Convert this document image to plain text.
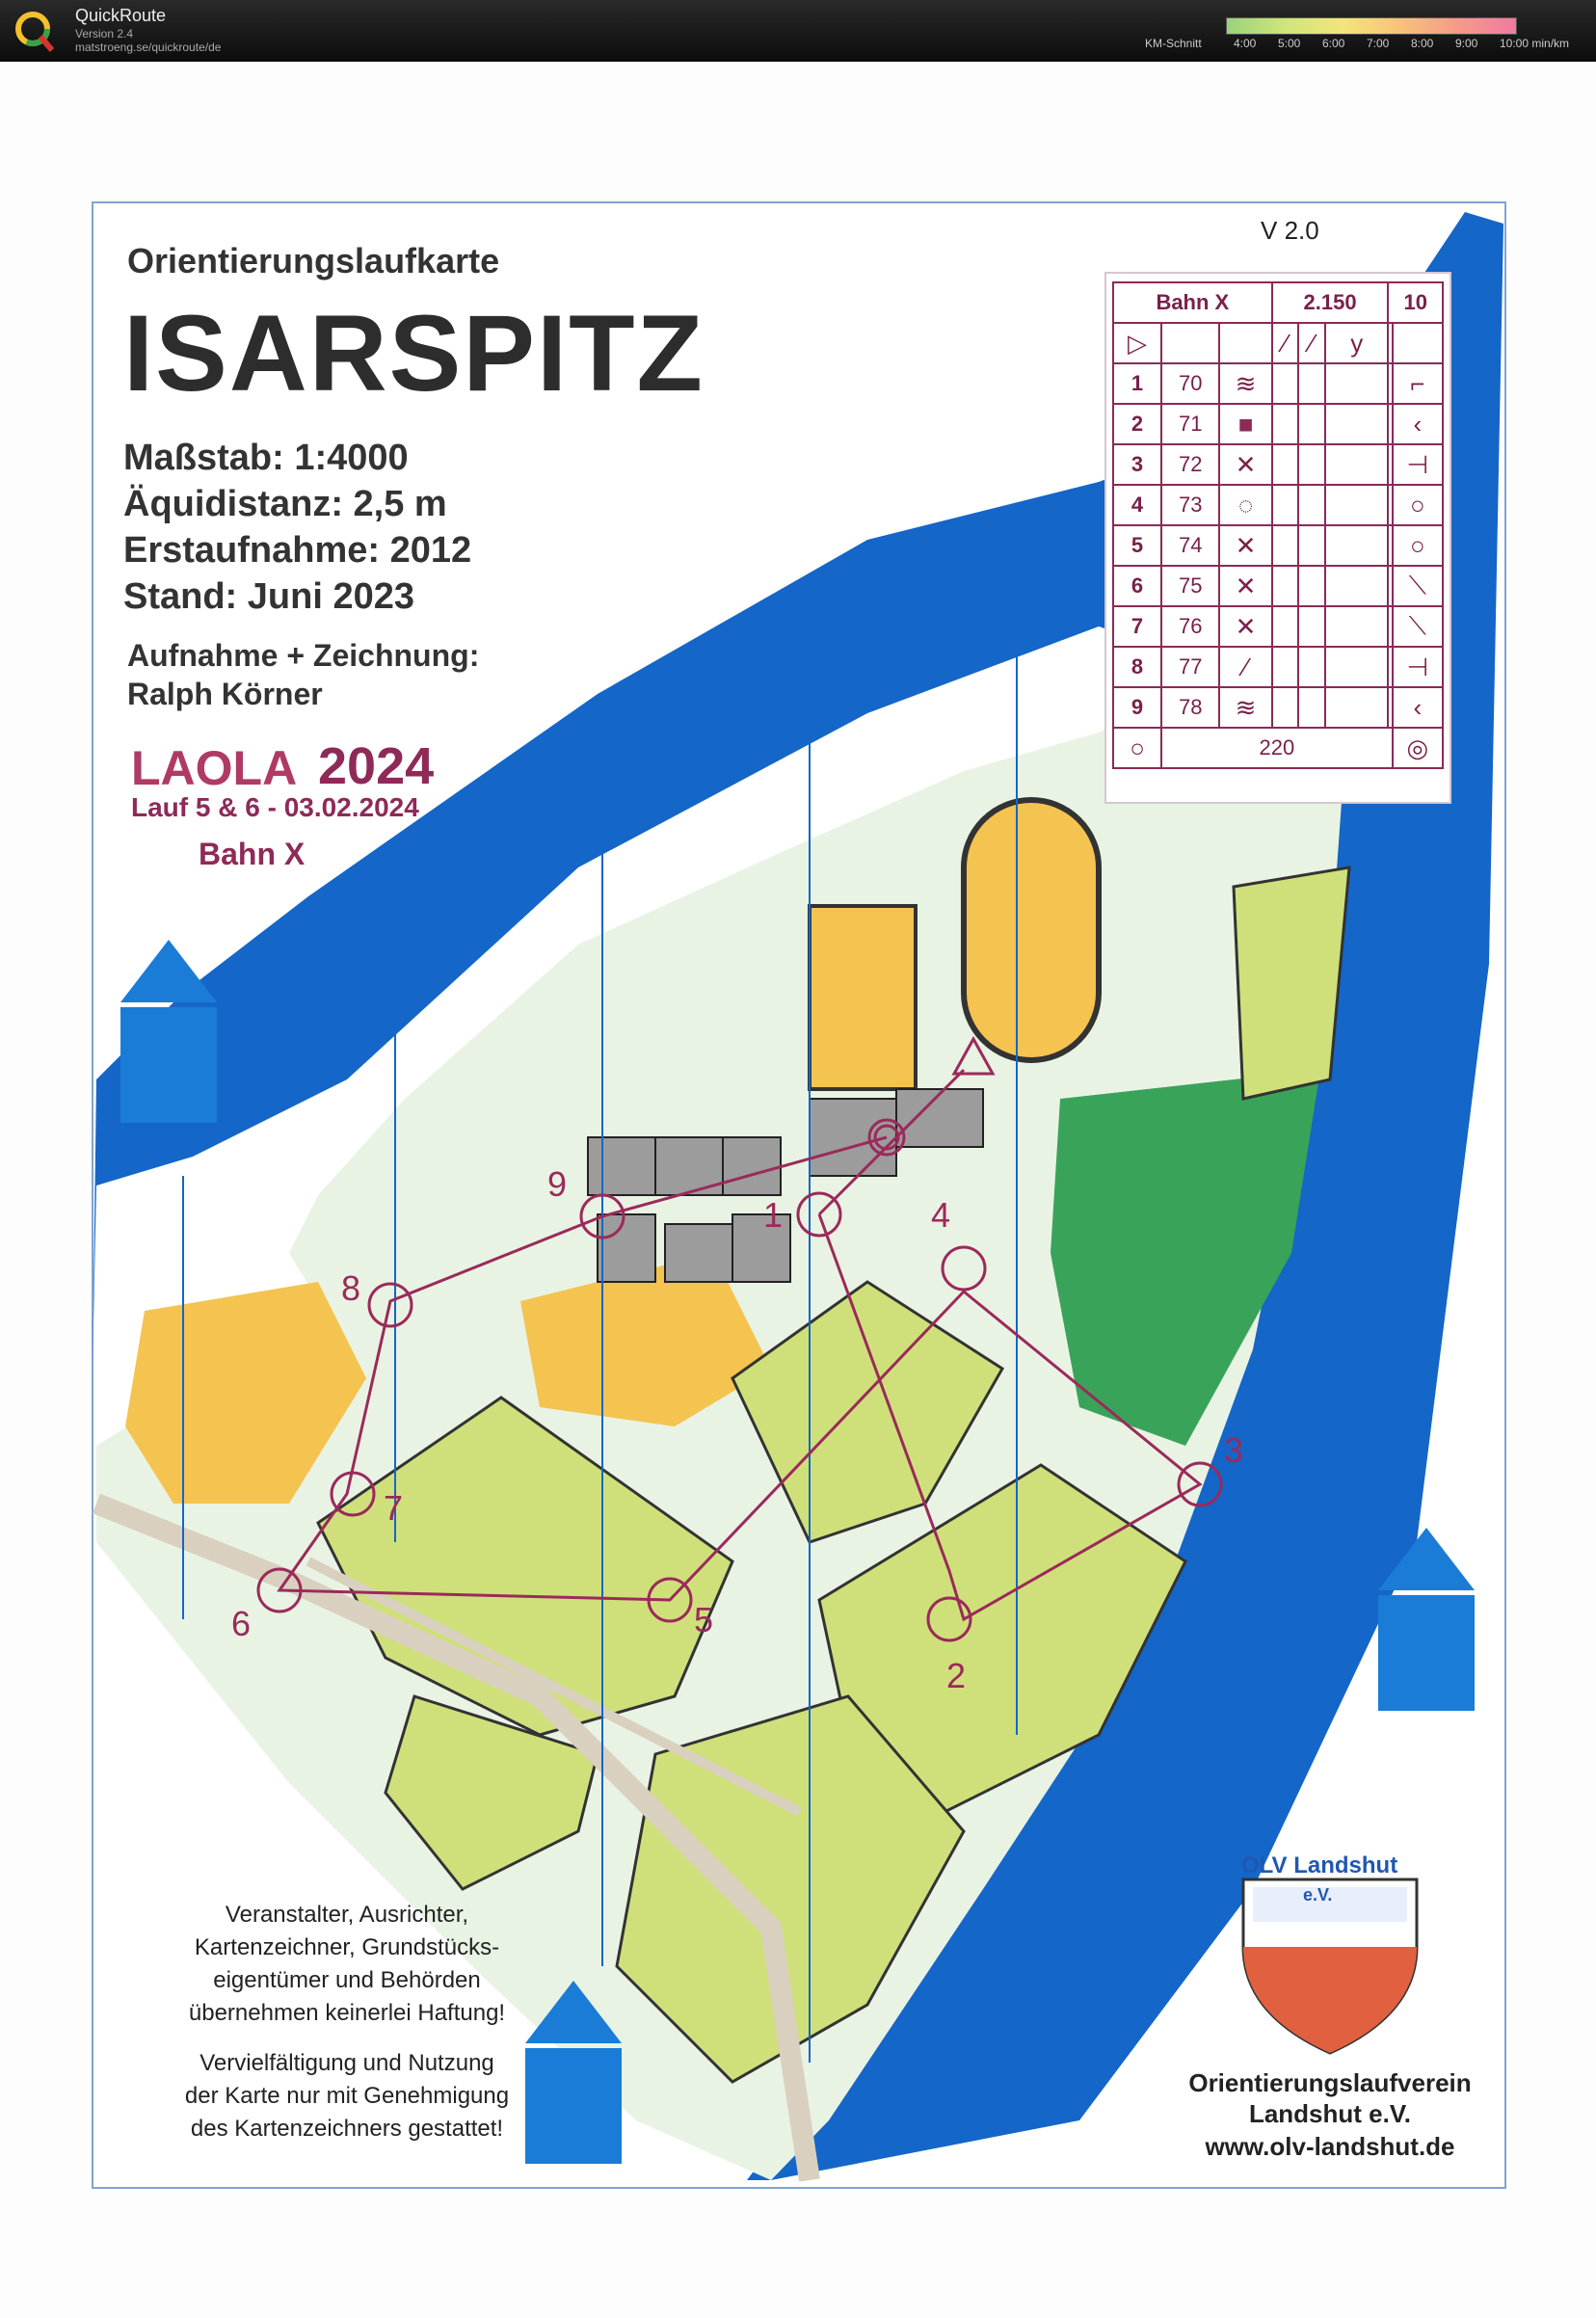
QuickRoute
Version 2.4
matstroeng.se/quickroute/de	KM-Schnitt	4:00 5:00 6:00 7:00 8:00 9:00 10:00 min/km
Orientierungslaufkarte
ISARSPITZ
Maßstab: 1:4000
Äquidistanz: 2,5 m
Erstaufnahme: 2012
Stand: Juni 2023
Aufnahme + Zeichnung:
Ralph Körner
LAOLA 2024
Lauf 5 & 6 - 03.02.2024
Bahn X
V 2.0
1
2
3
4
5
6
7
8
9
Veranstalter, Ausrichter,
Kartenzeichner, Grundstücks-
eigentümer und Behörden
übernehmen keinerlei Haftung!
Vervielfältigung und Nutzung
der Karte nur mit Genehmigung
des Kartenzeichners gestattet!
OLV Landshut
e.V.
Orientierungslaufverein
Landshut e.V.
www.olv-landshut.de
Bahn X			2.150			10	
▷			⁄	⁄	y		
1	70	≋					⌐
2	71	■					‹
3	72	✕					⊣
4	73	◌					○
5	74	✕					○
6	75	✕					⟍
7	76	✕					⟍
8	77	⁄					⊣
9	78	≋					‹
○	220						◎
